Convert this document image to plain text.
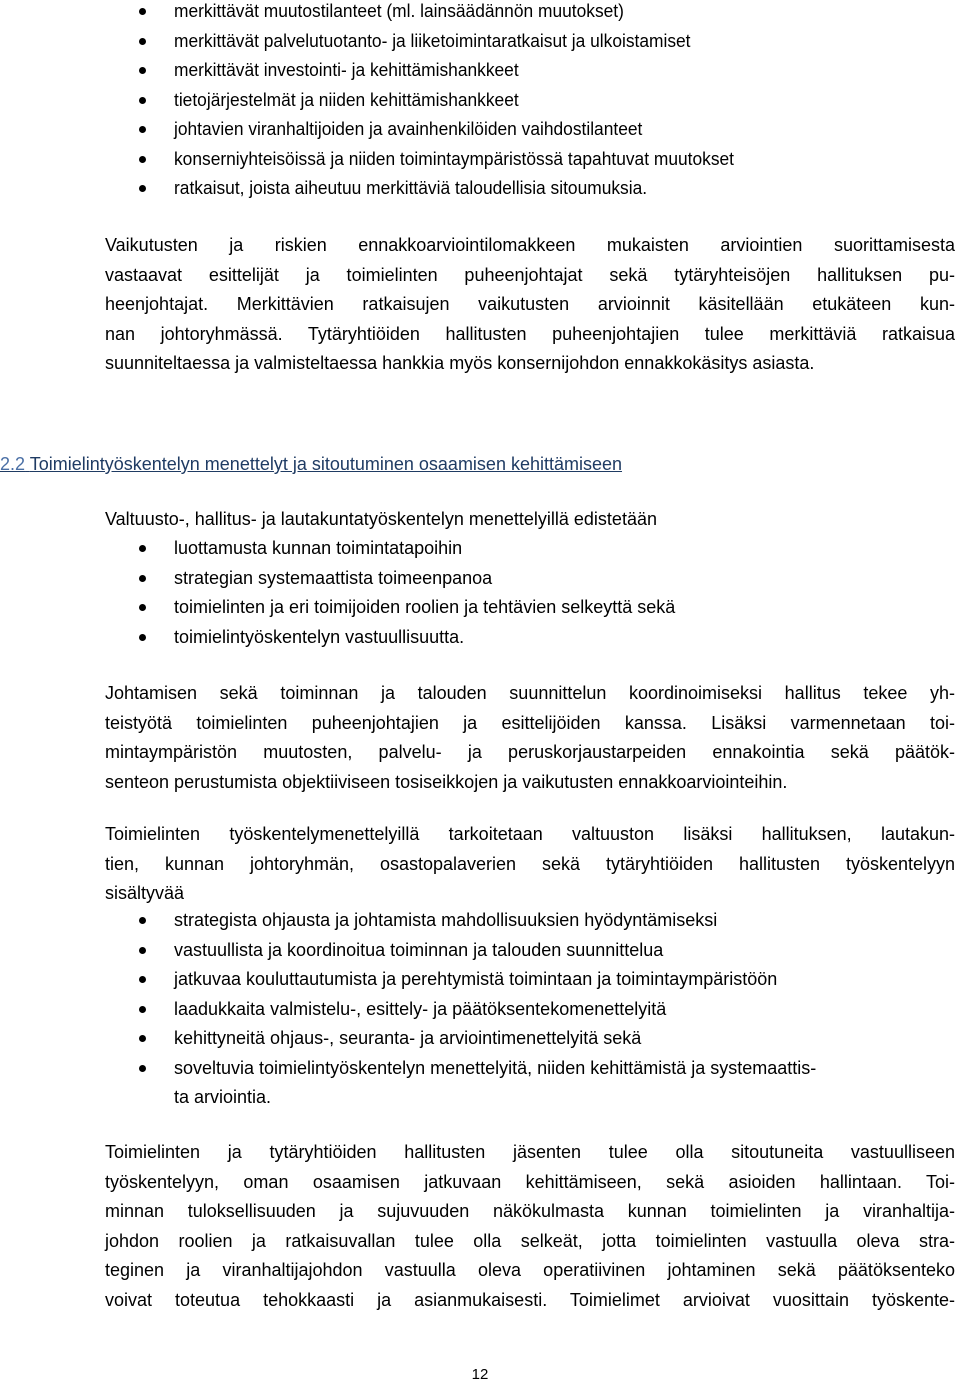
merkittävät muutostilanteet (ml. lainsäädännön muutokset)
merkittävät palvelutuotanto- ja liiketoimintaratkaisut ja ulkoistamiset
merkittävät investointi- ja kehittämishankkeet
tietojärjestelmät ja niiden kehittämishankkeet
johtavien viranhaltijoiden ja avainhenkilöiden vaihdostilanteet
konserniyhteisöissä ja niiden toimintaympäristössä tapahtuvat muutokset
ratkaisut, joista aiheutuu merkittäviä taloudellisia sitoumuksia.

Vaikutusten ja riskien ennakkoarviointilomakkeen mukaisten arviointien suorittamisesta
vastaavat esittelijät ja toimielinten puheenjohtajat sekä tytäryhteisöjen hallituksen pu-
heenjohtajat. Merkittävien ratkaisujen vaikutusten arvioinnit käsitellään etukäteen kun-
nan johtoryhmässä. Tytäryhtiöiden hallitusten puheenjohtajien tulee merkittäviä ratkaisua
suunniteltaessa ja valmisteltaessa hankkia myös konsernijohdon ennakkokäsitys asiasta.

2.2 Toimielintyöskentelyn menettelyt ja sitoutuminen osaamisen kehittämiseen

Valtuusto-, hallitus- ja lautakuntatyöskentelyn menettelyillä edistetään

luottamusta kunnan toimintatapoihin
strategian systemaattista toimeenpanoa
toimielinten ja eri toimijoiden roolien ja tehtävien selkeyttä sekä
toimielintyöskentelyn vastuullisuutta.

Johtamisen sekä toiminnan ja talouden suunnittelun koordinoimiseksi hallitus tekee yh-
teistyötä toimielinten puheenjohtajien ja esittelijöiden kanssa. Lisäksi varmennetaan toi-
mintaympäristön muutosten, palvelu- ja peruskorjaustarpeiden ennakointia sekä päätök-
senteon perustumista objektiiviseen tosiseikkojen ja vaikutusten ennakkoarviointeihin.

Toimielinten työskentelymenettelyillä tarkoitetaan valtuuston lisäksi hallituksen, lautakun-
tien, kunnan johtoryhmän, osastopalaverien sekä tytäryhtiöiden hallitusten työskentelyyn
sisältyvää

strategista ohjausta ja johtamista mahdollisuuksien hyödyntämiseksi
vastuullista ja koordinoitua toiminnan ja talouden suunnittelua
jatkuvaa kouluttautumista ja perehtymistä toimintaan ja toimintaympäristöön
laadukkaita valmistelu-, esittely- ja päätöksentekomenettelyitä
kehittyneitä ohjaus-, seuranta- ja arviointimenettelyitä sekä
soveltuvia toimielintyöskentelyn menettelyitä, niiden kehittämistä ja systemaattis-
ta arviointia.

Toimielinten ja tytäryhtiöiden hallitusten jäsenten tulee olla sitoutuneita vastuulliseen
työskentelyyn, oman osaamisen jatkuvaan kehittämiseen, sekä asioiden hallintaan. Toi-
minnan tuloksellisuuden ja sujuvuuden näkökulmasta kunnan toimielinten ja viranhaltija-
johdon roolien ja ratkaisuvallan tulee olla selkeät, jotta toimielinten vastuulla oleva stra-
teginen ja viranhaltijajohdon vastuulla oleva operatiivinen johtaminen sekä päätöksenteko
voivat toteutua tehokkaasti ja asianmukaisesti. Toimielimet arvioivat vuosittain työskente-

12
